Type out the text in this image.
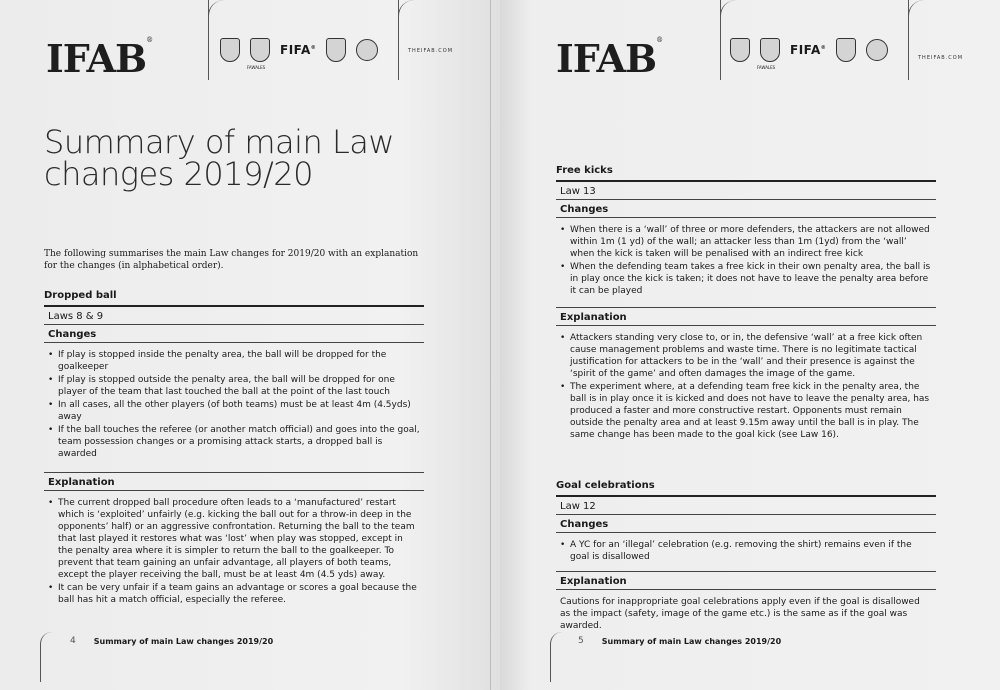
IFAB®
FAWALES
FIFA®	THEIFAB.COM
Summary of main Law
changes 2019/20
The following summarises the main Law changes for 2019/20 with an explanation for the changes (in alphabetical order).
Dropped ball
Laws 8 & 9
Changes
• If play is stopped inside the penalty area, the ball will be dropped for the goalkeeper
• If play is stopped outside the penalty area, the ball will be dropped for one player of the team that last touched the ball at the point of the last touch
• In all cases, all the other players (of both teams) must be at least 4m (4.5yds) away
• If the ball touches the referee (or another match official) and goes into the goal, team possession changes or a promising attack starts, a dropped ball is awarded
Explanation
• The current dropped ball procedure often leads to a ‘manufactured’ restart which is ‘exploited’ unfairly (e.g. kicking the ball out for a throw-in deep in the opponents’ half) or an aggressive confrontation. Returning the ball to the team that last played it restores what was ‘lost’ when play was stopped, except in the penalty area where it is simpler to return the ball to the goalkeeper. To prevent that team gaining an unfair advantage, all players of both teams, except the player receiving the ball, must be at least 4m (4.5 yds) away.
• It can be very unfair if a team gains an advantage or scores a goal because the ball has hit a match official, especially the referee.
4 Summary of main Law changes 2019/20
IFAB®
FAWALES
FIFA®
THEIFAB.COM
Free kicks
Law 13
Changes
• When there is a ‘wall’ of three or more defenders, the attackers are not allowed within 1m (1 yd) of the wall; an attacker less than 1m (1yd) from the ‘wall’ when the kick is taken will be penalised with an indirect free kick
• When the defending team takes a free kick in their own penalty area, the ball is in play once the kick is taken; it does not have to leave the penalty area before it can be played
Explanation
• Attackers standing very close to, or in, the defensive ‘wall’ at a free kick often cause management problems and waste time. There is no legitimate tactical justification for attackers to be in the ‘wall’ and their presence is against the ‘spirit of the game’ and often damages the image of the game.
• The experiment where, at a defending team free kick in the penalty area, the ball is in play once it is kicked and does not have to leave the penalty area, has produced a faster and more constructive restart. Opponents must remain outside the penalty area and at least 9.15m away until the ball is in play. The same change has been made to the goal kick (see Law 16).
Goal celebrations
Law 12
Changes
• A YC for an ‘illegal’ celebration (e.g. removing the shirt) remains even if the goal is disallowed
Explanation

Cautions for inappropriate goal celebrations apply even if the goal is disallowed as the impact (safety, image of the game etc.) is the same as if the goal was awarded.

5 Summary of main Law changes 2019/20
